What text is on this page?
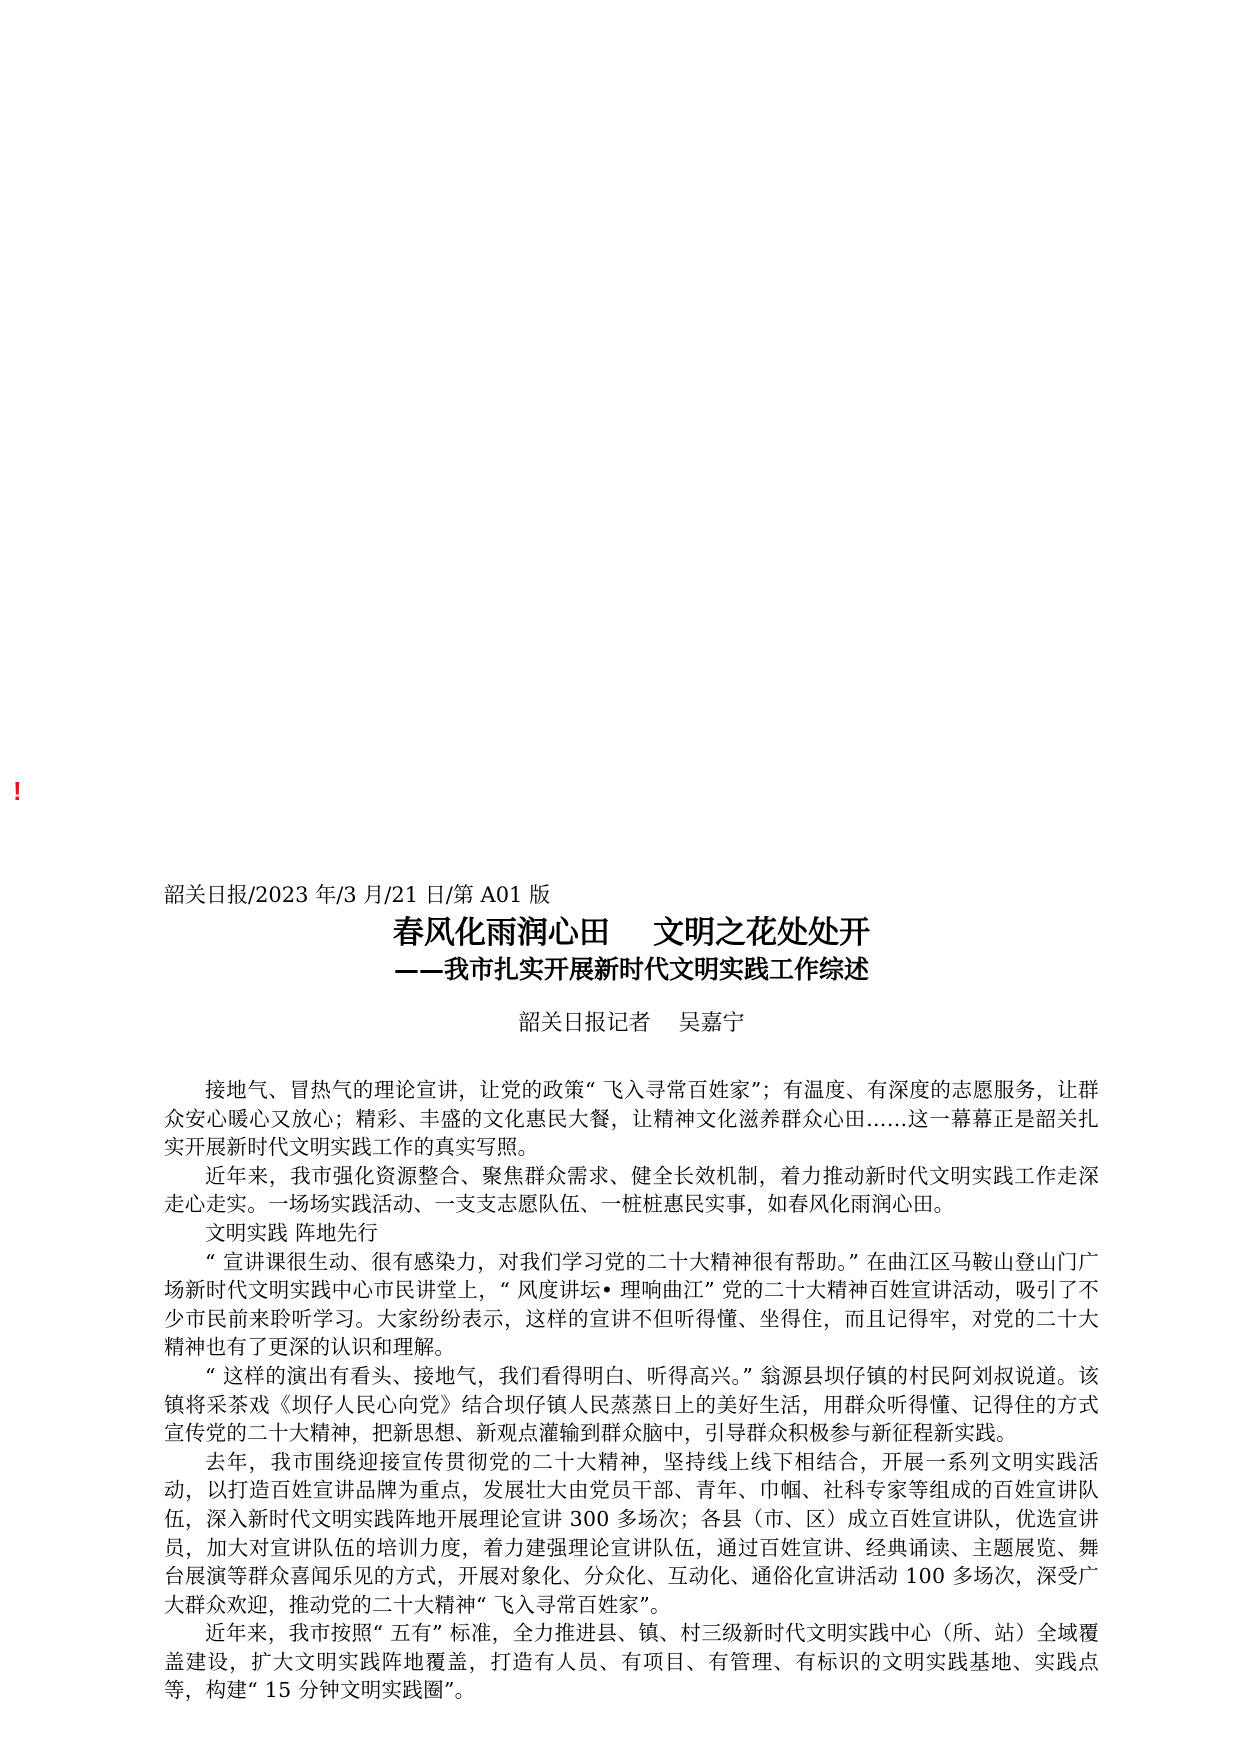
!
韶关日报/2023 年/3 月/21 日/第 A01 版
春风化雨润心田    文明之花处处开
——我市扎实开展新时代文明实践工作综述
韶关日报记者    吴嘉宁

接地气、冒热气的理论宣讲，让党的政策“ 飞入寻常百姓家”；有温度、有深度的志愿服务，让群众安心暖心又放心；精彩、丰盛的文化惠民大餐，让精神文化滋养群众心田……这一幕幕正是韶关扎实开展新时代文明实践工作的真实写照。

近年来，我市强化资源整合、聚焦群众需求、健全长效机制，着力推动新时代文明实践工作走深走心走实。一场场实践活动、一支支志愿队伍、一桩桩惠民实事，如春风化雨润心田。

文明实践 阵地先行

“ 宣讲课很生动、很有感染力，对我们学习党的二十大精神很有帮助。” 在曲江区马鞍山登山门广场新时代文明实践中心市民讲堂上，“ 风度讲坛• 理响曲江” 党的二十大精神百姓宣讲活动，吸引了不少市民前来聆听学习。大家纷纷表示，这样的宣讲不但听得懂、坐得住，而且记得牢，对党的二十大精神也有了更深的认识和理解。

“ 这样的演出有看头、接地气，我们看得明白、听得高兴。” 翁源县坝仔镇的村民阿刘叔说道。该镇将采茶戏《坝仔人民心向党》结合坝仔镇人民蒸蒸日上的美好生活，用群众听得懂、记得住的方式宣传党的二十大精神，把新思想、新观点灌输到群众脑中，引导群众积极参与新征程新实践。

去年，我市围绕迎接宣传贯彻党的二十大精神，坚持线上线下相结合，开展一系列文明实践活动，以打造百姓宣讲品牌为重点，发展壮大由党员干部、青年、巾帼、社科专家等组成的百姓宣讲队伍，深入新时代文明实践阵地开展理论宣讲 300 多场次；各县（市、区）成立百姓宣讲队，优选宣讲员，加大对宣讲队伍的培训力度，着力建强理论宣讲队伍，通过百姓宣讲、经典诵读、主题展览、舞台展演等群众喜闻乐见的方式，开展对象化、分众化、互动化、通俗化宣讲活动 100 多场次，深受广大群众欢迎，推动党的二十大精神“ 飞入寻常百姓家”。

近年来，我市按照“ 五有” 标准，全力推进县、镇、村三级新时代文明实践中心（所、站）全域覆盖建设，扩大文明实践阵地覆盖，打造有人员、有项目、有管理、有标识的文明实践基地、实践点等，构建“ 15 分钟文明实践圈”。
